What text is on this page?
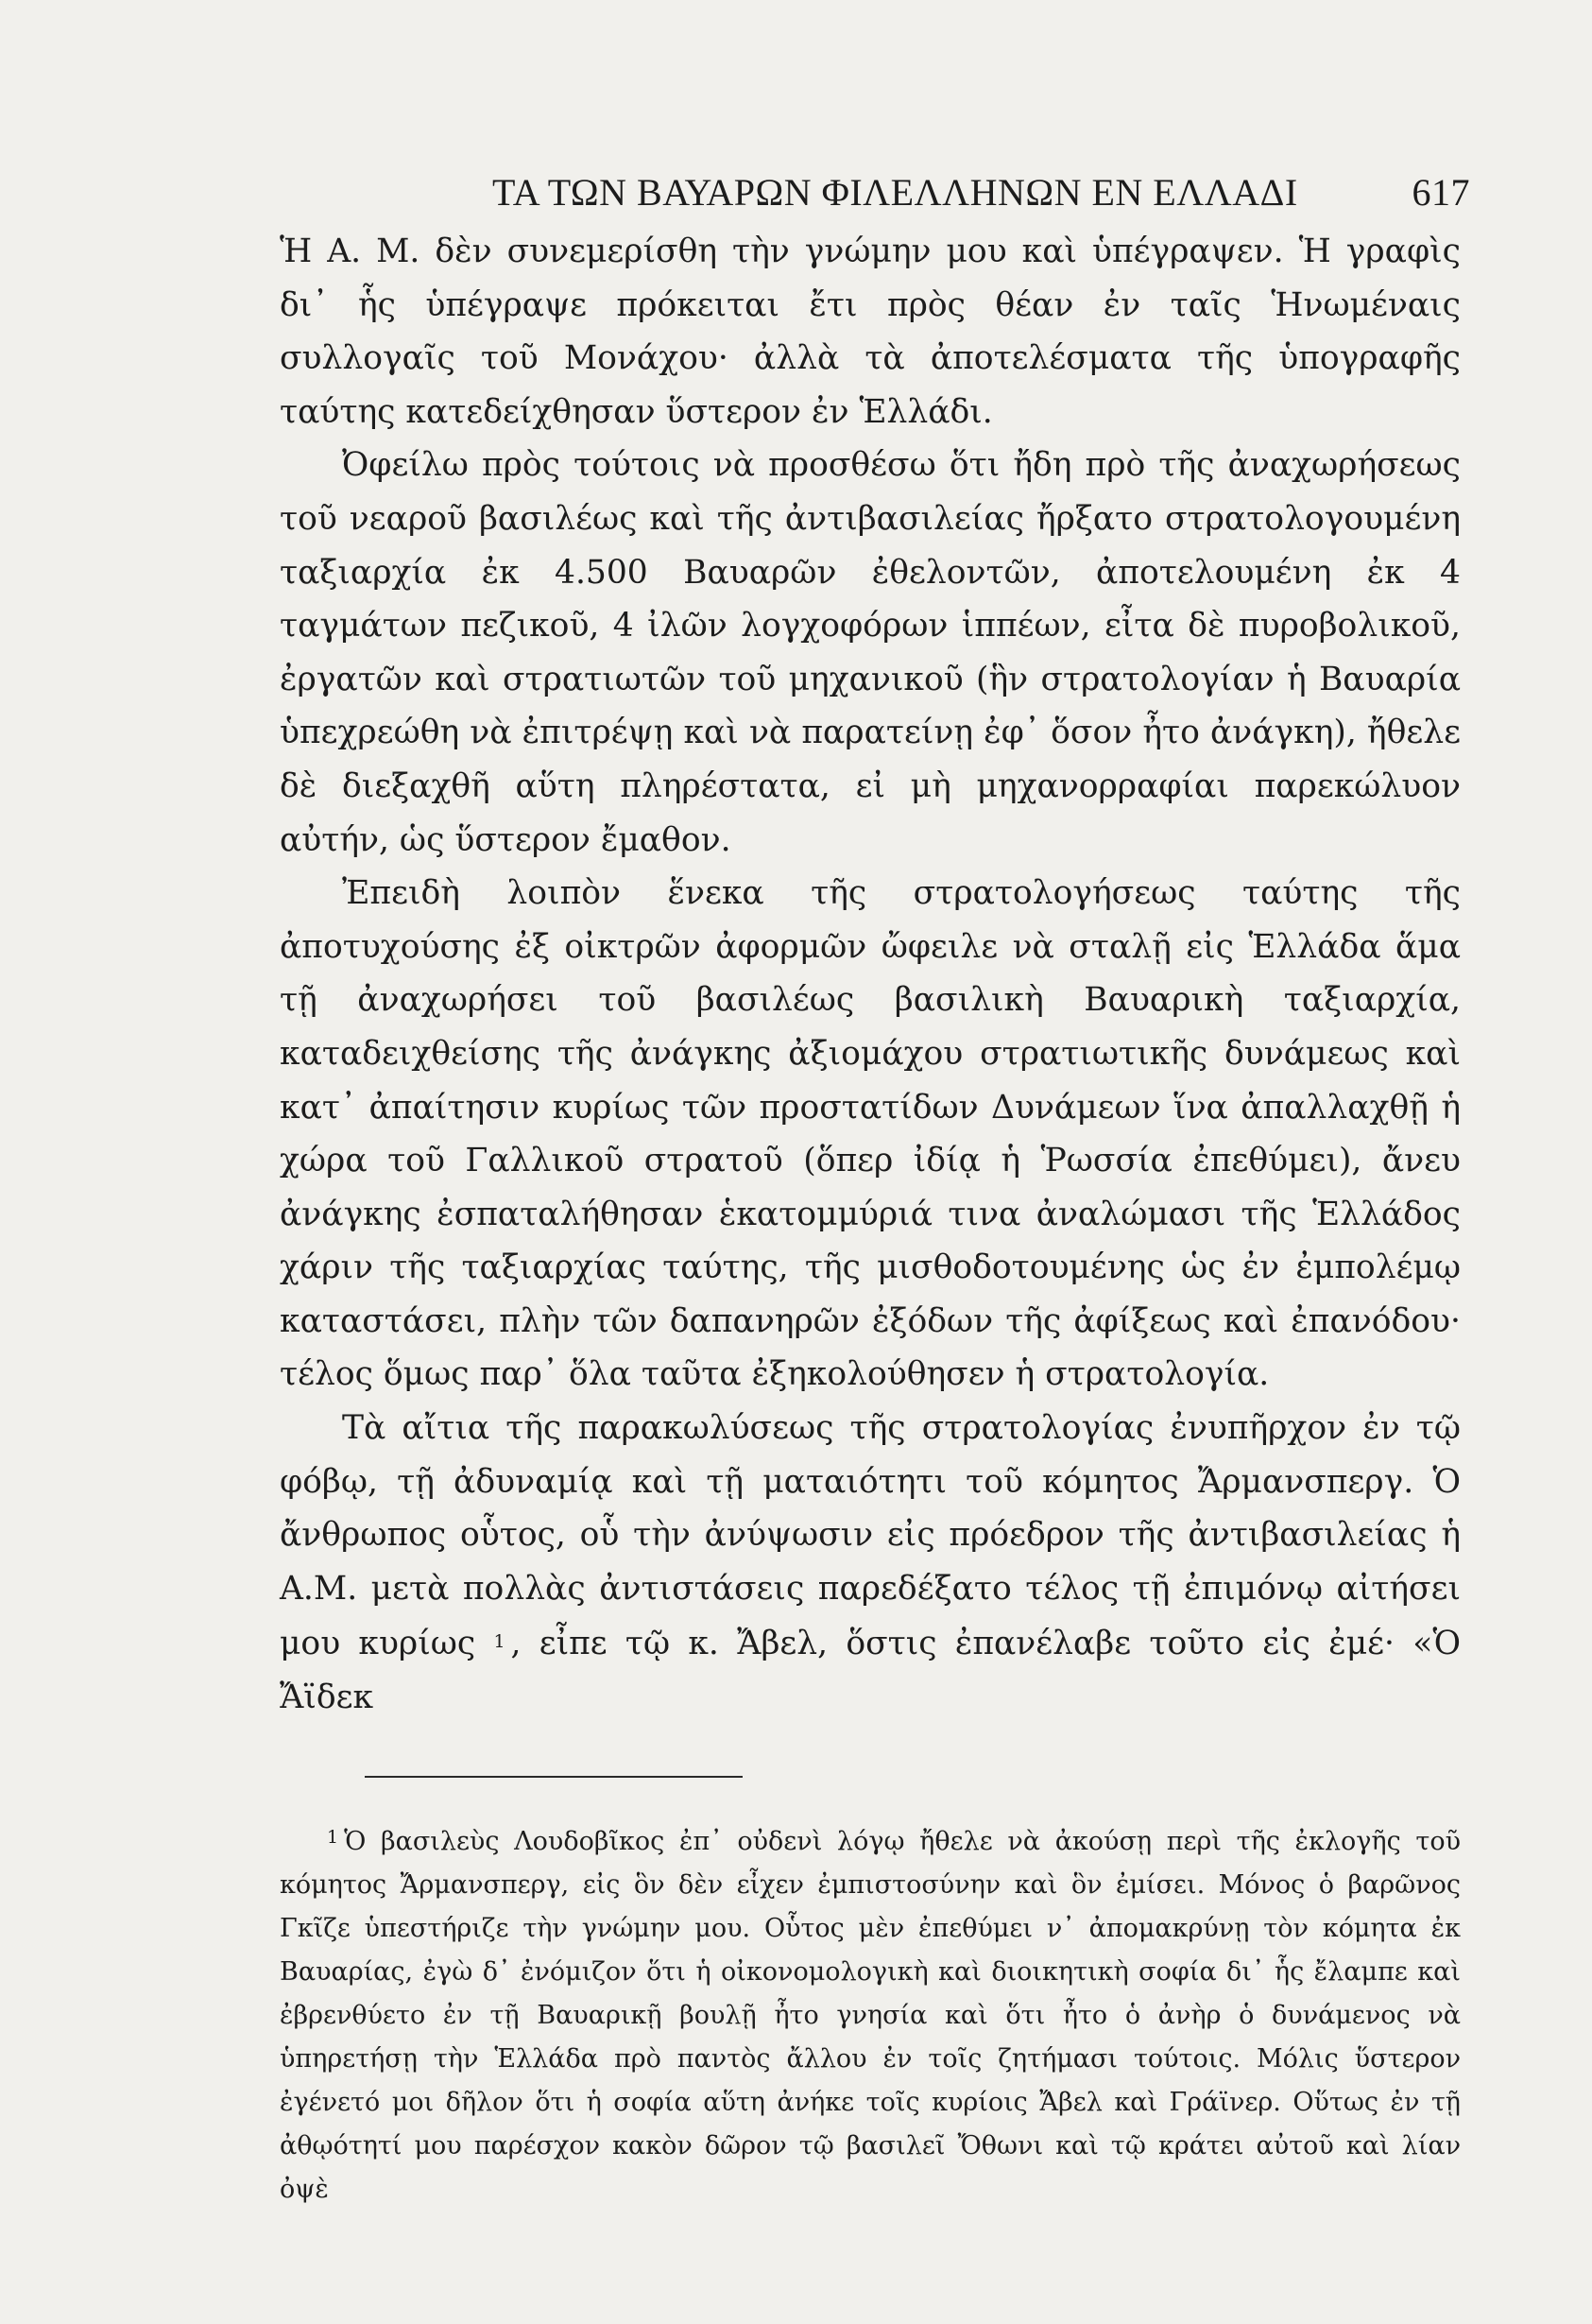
ΤΑ ΤΩΝ ΒΑΥΑΡΩΝ ΦΙΛΕΛΛΗΝΩΝ ΕΝ ΕΛΛΑΔΙ	617

Ἡ Α. Μ. δὲν συνεμερίσθη τὴν γνώμην μου καὶ ὑπέγραψεν. Ἡ γραφὶς δι᾽ ἧς ὑπέγραψε πρόκειται ἔτι πρὸς θέαν ἐν ταῖς Ἡνωμέναις συλλογαῖς τοῦ Μονάχου· ἀλλὰ τὰ ἀποτελέσματα τῆς ὑπογραφῆς ταύτης κατεδείχθησαν ὕστερον ἐν Ἑλλάδι.

Ὀφείλω πρὸς τούτοις νὰ προσθέσω ὅτι ἤδη πρὸ τῆς ἀναχωρήσεως τοῦ νεαροῦ βασιλέως καὶ τῆς ἀντιβασιλείας ἤρξατο στρατολογουμένη ταξιαρχία ἐκ 4.500 Βαυαρῶν ἐθελοντῶν, ἀποτελουμένη ἐκ 4 ταγμάτων πεζικοῦ, 4 ἰλῶν λογχοφόρων ἱππέων, εἶτα δὲ πυροβολικοῦ, ἐργατῶν καὶ στρατιωτῶν τοῦ μηχανικοῦ (ἣν στρατολογίαν ἡ Βαυαρία ὑπεχρεώθη νὰ ἐπιτρέψῃ καὶ νὰ παρατείνῃ ἐφ᾽ ὅσον ἦτο ἀνάγκη), ἤθελε δὲ διεξαχθῆ αὕτη πληρέστατα, εἰ μὴ μηχανορραφίαι παρεκώλυον αὐτήν, ὡς ὕστερον ἔμαθον.

Ἐπειδὴ λοιπὸν ἕνεκα τῆς στρατολογήσεως ταύτης τῆς ἀποτυχούσης ἐξ οἰκτρῶν ἀφορμῶν ὤφειλε νὰ σταλῇ εἰς Ἑλλάδα ἅμα τῇ ἀναχωρήσει τοῦ βασιλέως βασιλικὴ Βαυαρικὴ ταξιαρχία, καταδειχθείσης τῆς ἀνάγκης ἀξιομάχου στρατιωτικῆς δυνάμεως καὶ κατ᾽ ἀπαίτησιν κυρίως τῶν προστατίδων Δυνάμεων ἵνα ἀπαλλαχθῇ ἡ χώρα τοῦ Γαλλικοῦ στρατοῦ (ὅπερ ἰδίᾳ ἡ Ῥωσσία ἐπεθύμει), ἄνευ ἀνάγκης ἐσπαταλήθησαν ἑκατομμύριά τινα ἀναλώμασι τῆς Ἑλλάδος χάριν τῆς ταξιαρχίας ταύτης, τῆς μισθοδοτουμένης ὡς ἐν ἐμπολέμῳ καταστάσει, πλὴν τῶν δαπανηρῶν ἐξόδων τῆς ἀφίξεως καὶ ἐπανόδου· τέλος ὅμως παρ᾽ ὅλα ταῦτα ἐξηκολούθησεν ἡ στρατολογία.

Τὰ αἴτια τῆς παρακωλύσεως τῆς στρατολογίας ἐνυπῆρχον ἐν τῷ φόβῳ, τῇ ἀδυναμίᾳ καὶ τῇ ματαιότητι τοῦ κόμητος Ἄρμανσπεργ. Ὁ ἄνθρωπος οὗτος, οὗ τὴν ἀνύψωσιν εἰς πρόεδρον τῆς ἀντιβασιλείας ἡ Α.Μ. μετὰ πολλὰς ἀντιστάσεις παρεδέξατο τέλος τῇ ἐπιμόνῳ αἰτήσει μου κυρίως $^1$ , εἶπε τῷ κ. Ἄβελ, ὅστις ἐπανέλαβε τοῦτο εἰς ἐμέ· «Ὁ Ἄϊδεκ

$^1$ Ὁ βασιλεὺς Λουδοβῖκος ἐπ᾽ οὐδενὶ λόγῳ ἤθελε νὰ ἀκούσῃ περὶ τῆς ἐκλογῆς τοῦ κόμητος Ἄρμανσπεργ, εἰς ὃν δὲν εἶχεν ἐμπιστοσύνην καὶ ὃν ἐμίσει. Μόνος ὁ βαρῶνος Γκῖζε ὑπεστήριζε τὴν γνώμην μου. Οὗτος μὲν ἐπεθύμει ν᾽ ἀπομακρύνῃ τὸν κόμητα ἐκ Βαυαρίας, ἐγὼ δ᾽ ἐνόμιζον ὅτι ἡ οἰκονομολογικὴ καὶ διοικητικὴ σοφία δι᾽ ἧς ἔλαμπε καὶ ἐβρενθύετο ἐν τῇ Βαυαρικῇ βουλῇ ἦτο γνησία καὶ ὅτι ἦτο ὁ ἀνὴρ ὁ δυνάμενος νὰ ὑπηρετήσῃ τὴν Ἑλλάδα πρὸ παντὸς ἄλλου ἐν τοῖς ζητήμασι τούτοις. Μόλις ὕστερον ἐγένετό μοι δῆλον ὅτι ἡ σοφία αὕτη ἀνήκε τοῖς κυρίοις Ἄβελ καὶ Γράϊνερ. Οὕτως ἐν τῇ ἀθῳότητί μου παρέσχον κακὸν δῶρον τῷ βασιλεῖ Ὄθωνι καὶ τῷ κράτει αὐτοῦ καὶ λίαν ὀψὲ
